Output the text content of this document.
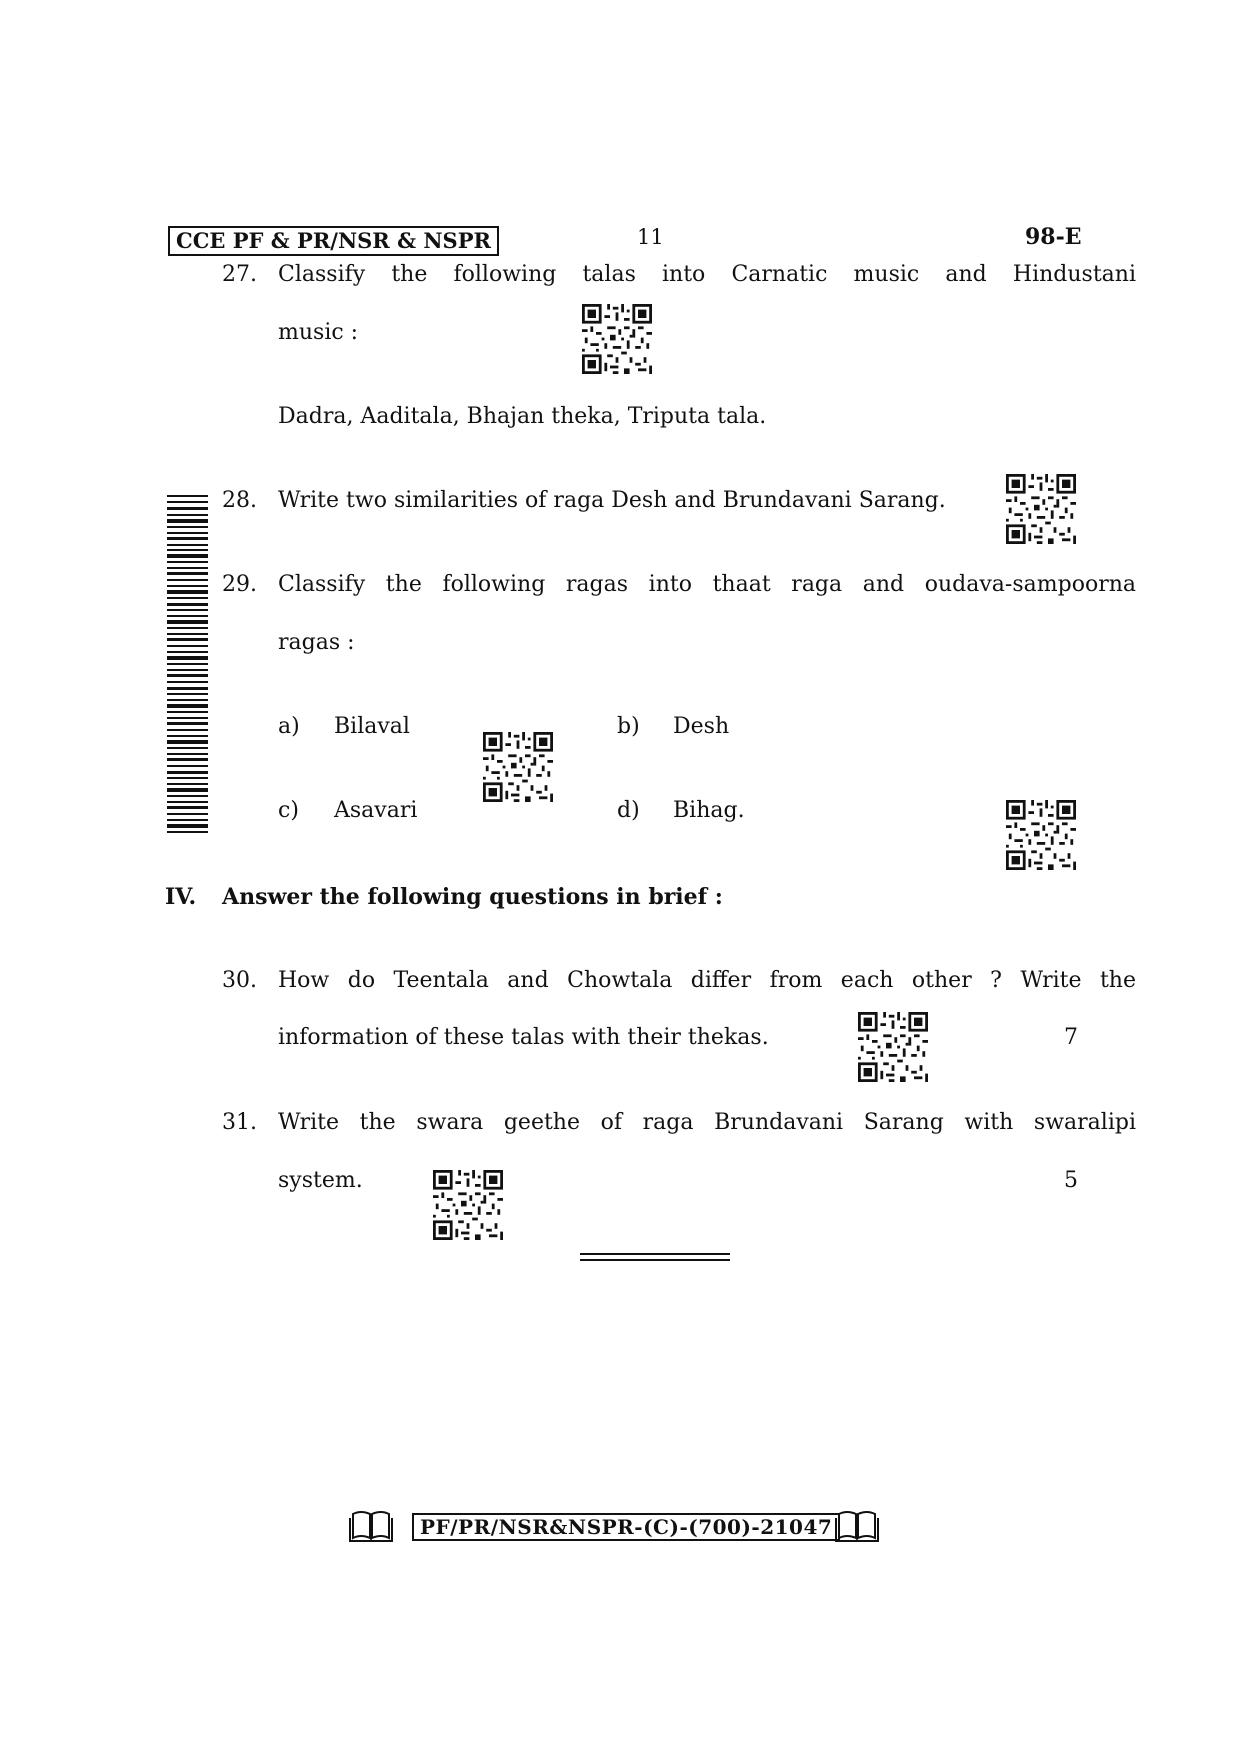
CCE PF & PR/NSR & NSPR	11	98-E
27. Classify the following talas into Carnatic music and Hindustani
music :
Dadra, Aaditala, Bhajan theka, Triputa tala.
28. Write two similarities of raga Desh and Brundavani Sarang.
29. Classify the following ragas into thaat raga and oudava-sampoorna
ragas :
a) Bilaval	b) Desh
c) Asavari	d) Bihag.
IV. Answer the following questions in brief :
30. How do Teentala and Chowtala differ from each other ? Write the
information of these talas with their thekas.	7
31. Write the swara geethe of raga Brundavani Sarang with swaralipi
system.	5
PF/PR/NSR&NSPR-(C)-(700)-21047
